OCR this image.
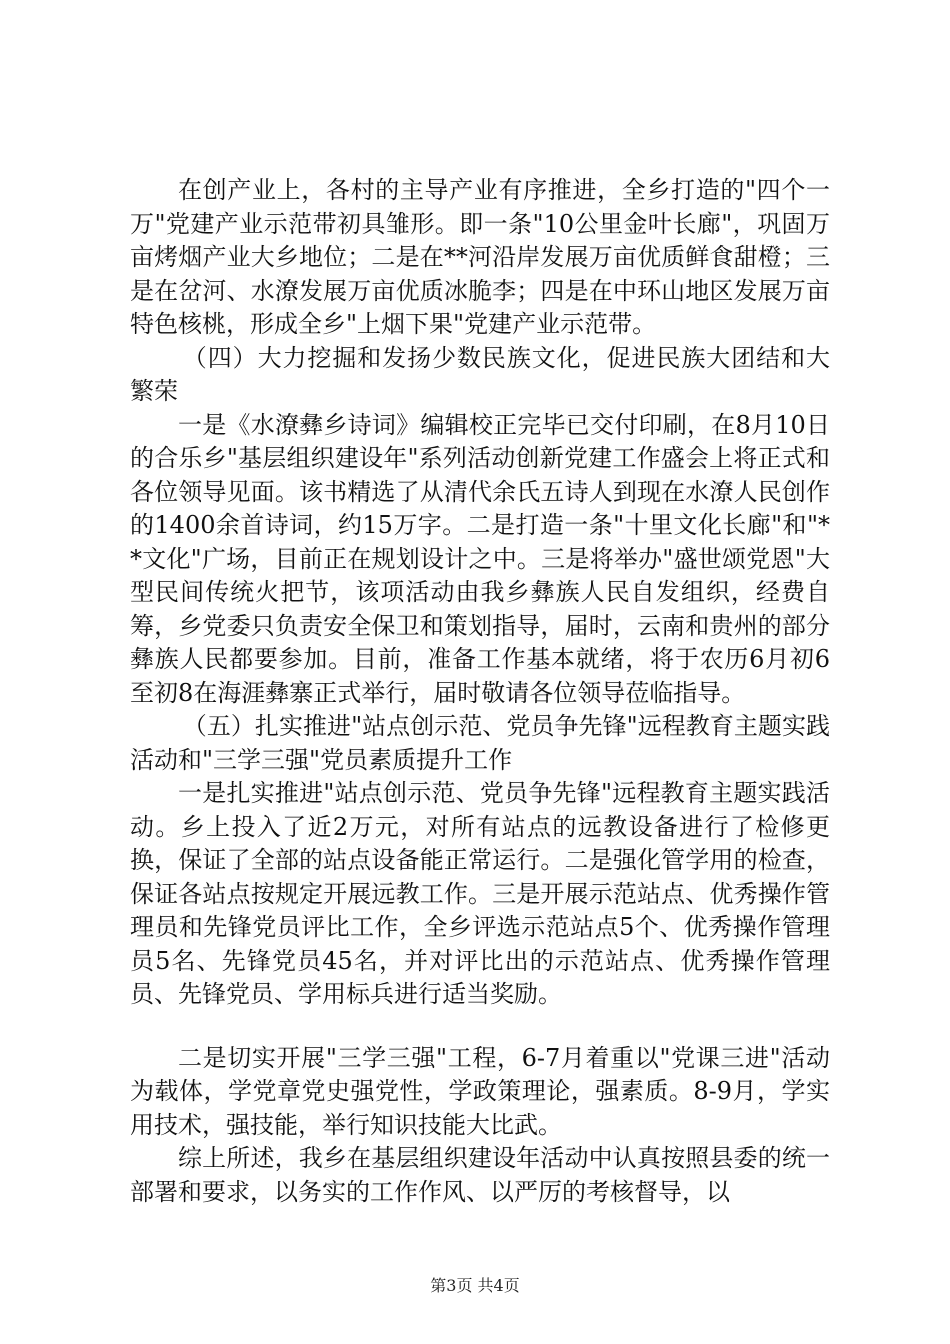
在创产业上，各村的主导产业有序推进，全乡打造的"四个一万"党建产业示范带初具雏形。即一条"10公里金叶长廊"，巩固万亩烤烟产业大乡地位；二是在**河沿岸发展万亩优质鲜食甜橙；三是在岔河、水潦发展万亩优质冰脆李；四是在中环山地区发展万亩特色核桃，形成全乡"上烟下果"党建产业示范带。

（四）大力挖掘和发扬少数民族文化，促进民族大团结和大繁荣

一是《水潦彝乡诗词》编辑校正完毕已交付印刷，在8月10日的合乐乡"基层组织建设年"系列活动创新党建工作盛会上将正式和各位领导见面。该书精选了从清代余氏五诗人到现在水潦人民创作的1400余首诗词，约15万字。二是打造一条"十里文化长廊"和"**文化"广场，目前正在规划设计之中。三是将举办"盛世颂党恩"大型民间传统火把节，该项活动由我乡彝族人民自发组织，经费自筹，乡党委只负责安全保卫和策划指导，届时，云南和贵州的部分彝族人民都要参加。目前，准备工作基本就绪，将于农历6月初6至初8在海涯彝寨正式举行，届时敬请各位领导莅临指导。

（五）扎实推进"站点创示范、党员争先锋"远程教育主题实践活动和"三学三强"党员素质提升工作

一是扎实推进"站点创示范、党员争先锋"远程教育主题实践活动。乡上投入了近2万元，对所有站点的远教设备进行了检修更换，保证了全部的站点设备能正常运行。二是强化管学用的检查，保证各站点按规定开展远教工作。三是开展示范站点、优秀操作管理员和先锋党员评比工作，全乡评选示范站点5个、优秀操作管理员5名、先锋党员45名，并对评比出的示范站点、优秀操作管理员、先锋党员、学用标兵进行适当奖励。

二是切实开展"三学三强"工程，6-7月着重以"党课三进"活动为载体，学党章党史强党性，学政策理论，强素质。8-9月，学实用技术，强技能，举行知识技能大比武。

综上所述，我乡在基层组织建设年活动中认真按照县委的统一部署和要求，以务实的工作作风、以严厉的考核督导，以

第3页 共4页
